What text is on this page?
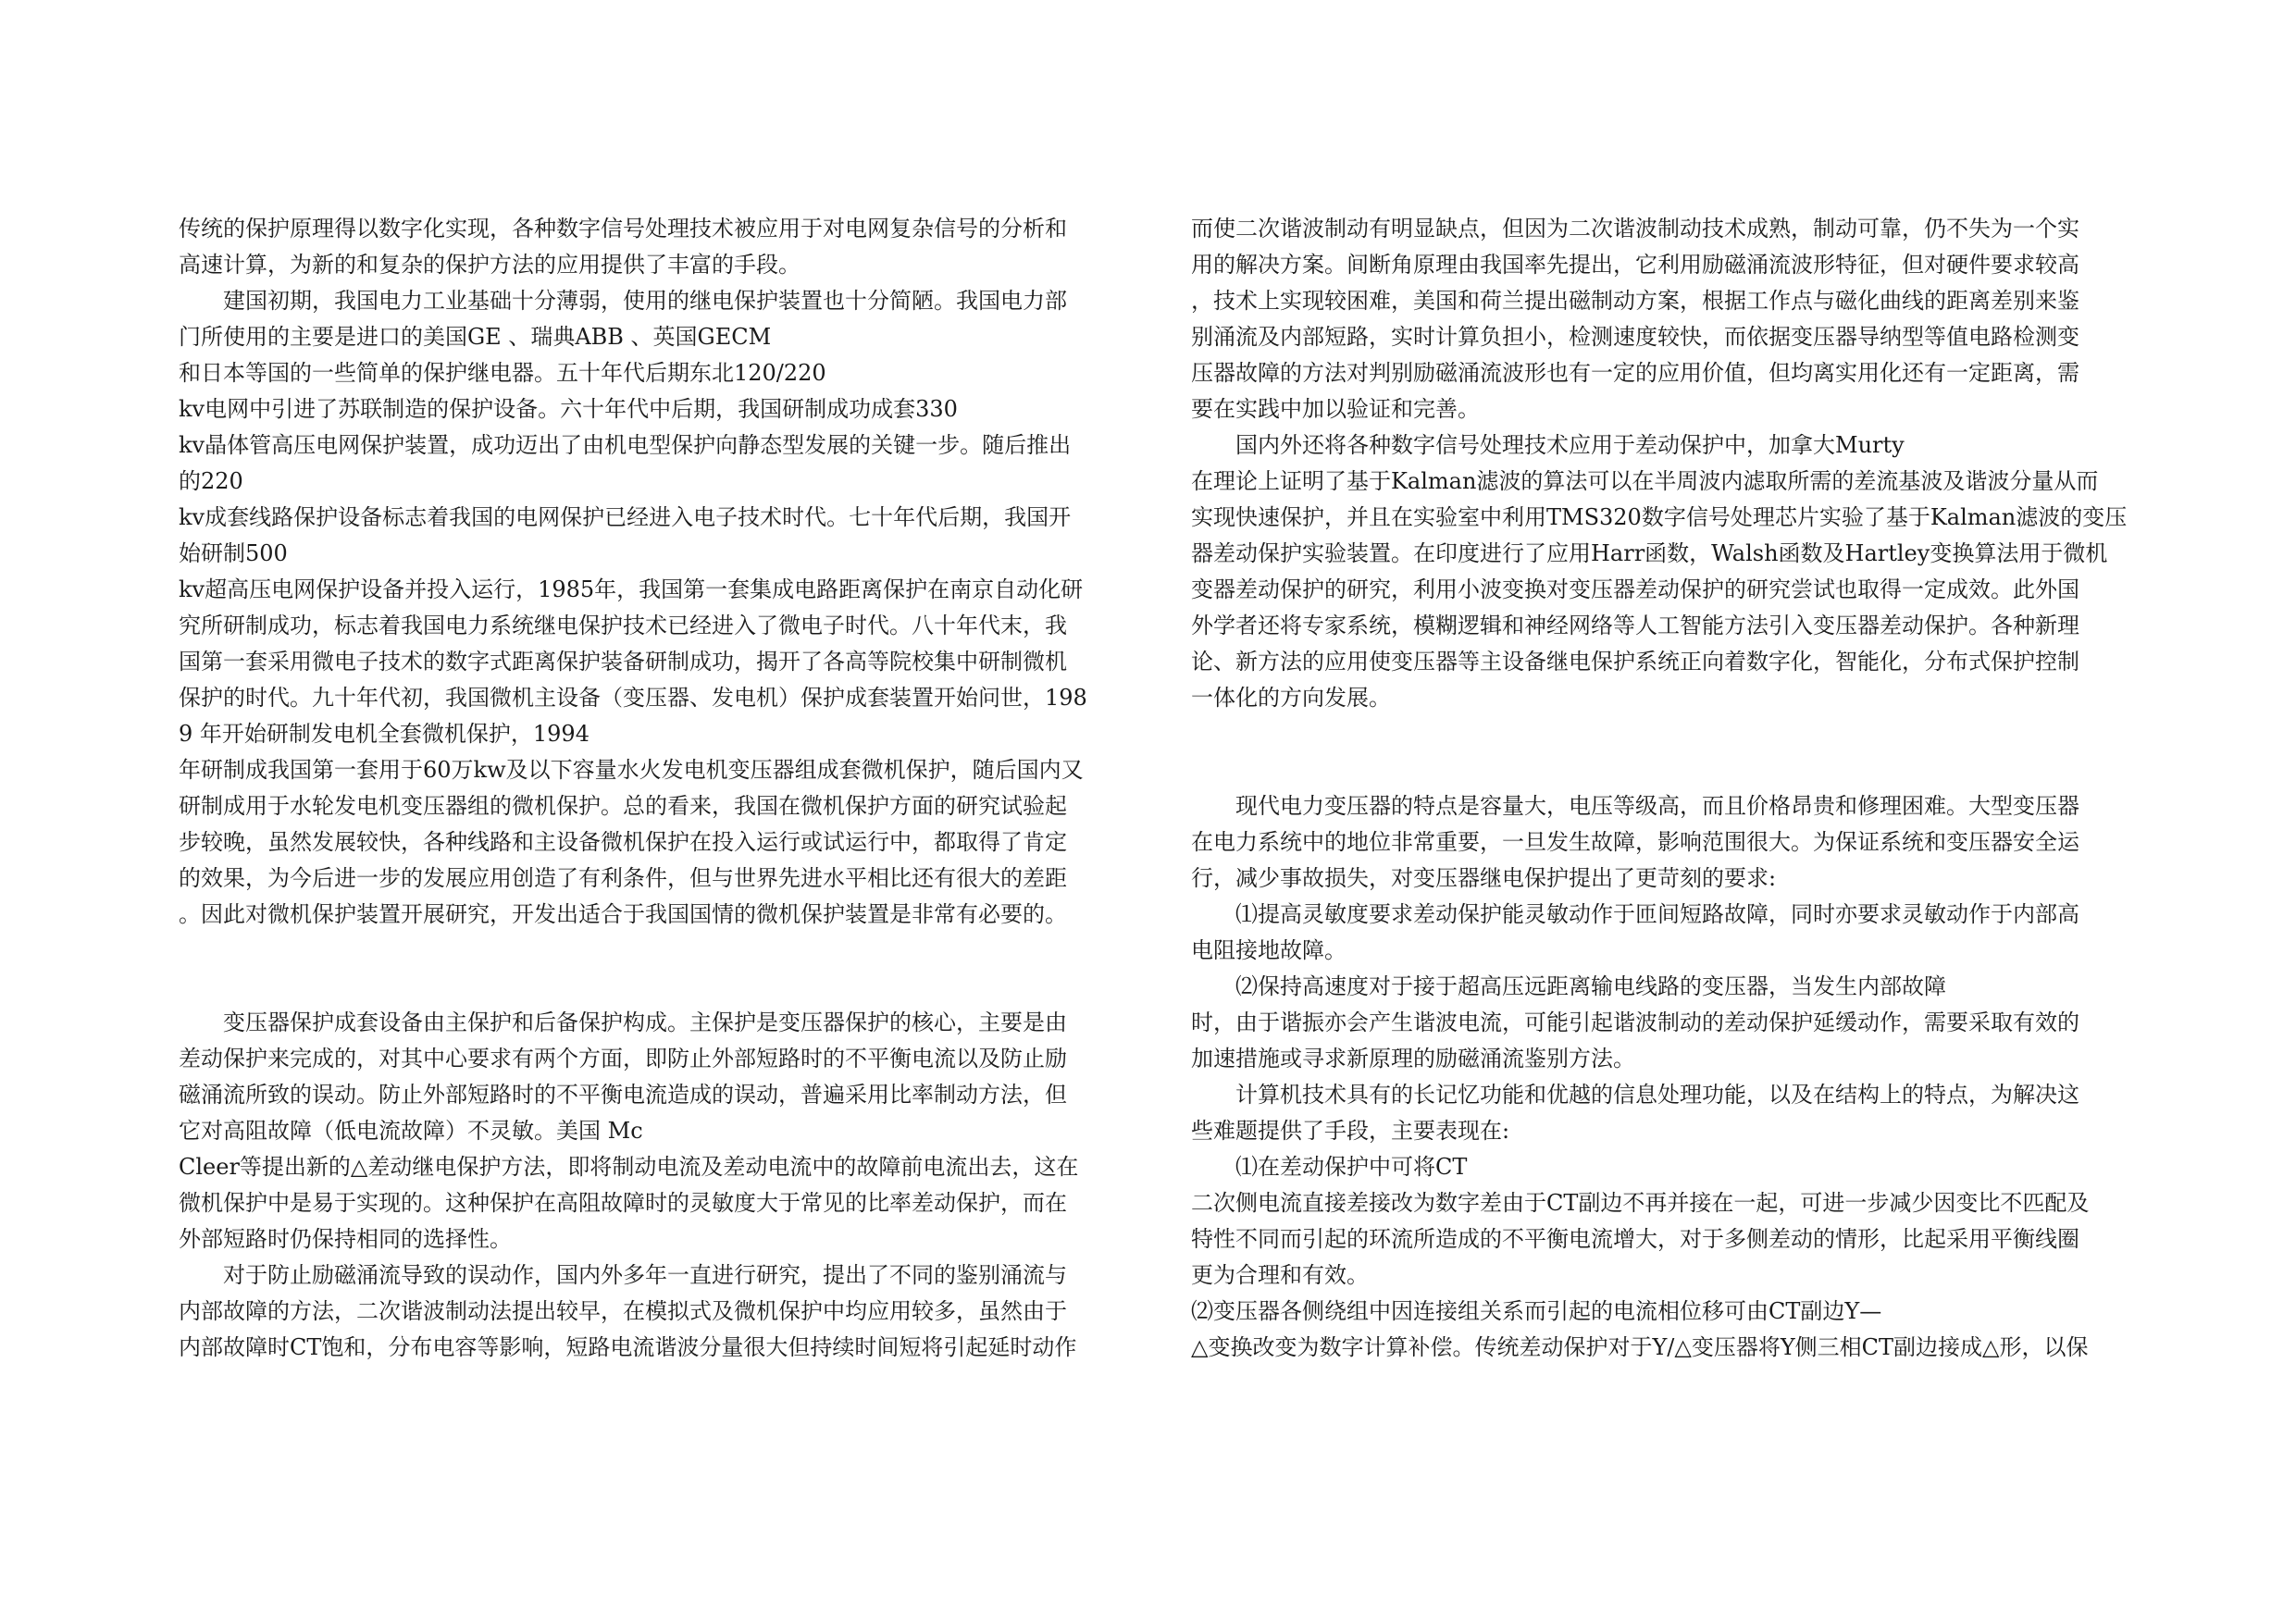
传统的保护原理得以数字化实现，各种数字信号处理技术被应用于对电网复杂信号的分析和
高速计算，为新的和复杂的保护方法的应用提供了丰富的手段。
建国初期，我国电力工业基础十分薄弱，使用的继电保护装置也十分简陋。我国电力部
门所使用的主要是进口的美国GE 、瑞典ABB 、英国GECM
和日本等国的一些简单的保护继电器。五十年代后期东北120/220
kv电网中引进了苏联制造的保护设备。六十年代中后期，我国研制成功成套330
kv晶体管高压电网保护装置，成功迈出了由机电型保护向静态型发展的关键一步。随后推出
的220
kv成套线路保护设备标志着我国的电网保护已经进入电子技术时代。七十年代后期，我国开
始研制500
kv超高压电网保护设备并投入运行，1985年，我国第一套集成电路距离保护在南京自动化研
究所研制成功，标志着我国电力系统继电保护技术已经进入了微电子时代。八十年代末，我
国第一套采用微电子技术的数字式距离保护装备研制成功，揭开了各高等院校集中研制微机
保护的时代。九十年代初，我国微机主设备（变压器、发电机）保护成套装置开始问世，198
9 年开始研制发电机全套微机保护，1994
年研制成我国第一套用于60万kw及以下容量水火发电机变压器组成套微机保护，随后国内又
研制成用于水轮发电机变压器组的微机保护。总的看来，我国在微机保护方面的研究试验起
步较晚，虽然发展较快，各种线路和主设备微机保护在投入运行或试运行中，都取得了肯定
的效果，为今后进一步的发展应用创造了有利条件，但与世界先进水平相比还有很大的差距
。因此对微机保护装置开展研究，开发出适合于我国国情的微机保护装置是非常有必要的。
变压器保护成套设备由主保护和后备保护构成。主保护是变压器保护的核心，主要是由
差动保护来完成的，对其中心要求有两个方面，即防止外部短路时的不平衡电流以及防止励
磁涌流所致的误动。防止外部短路时的不平衡电流造成的误动，普遍采用比率制动方法，但
它对高阻故障（低电流故障）不灵敏。美国 Mc
Cleer等提出新的△差动继电保护方法，即将制动电流及差动电流中的故障前电流出去，这在
微机保护中是易于实现的。这种保护在高阻故障时的灵敏度大于常见的比率差动保护，而在
外部短路时仍保持相同的选择性。
对于防止励磁涌流导致的误动作，国内外多年一直进行研究，提出了不同的鉴别涌流与
内部故障的方法，二次谐波制动法提出较早，在模拟式及微机保护中均应用较多，虽然由于
内部故障时CT饱和，分布电容等影响，短路电流谐波分量很大但持续时间短将引起延时动作
而使二次谐波制动有明显缺点，但因为二次谐波制动技术成熟，制动可靠，仍不失为一个实
用的解决方案。间断角原理由我国率先提出，它利用励磁涌流波形特征，但对硬件要求较高
，技术上实现较困难，美国和荷兰提出磁制动方案，根据工作点与磁化曲线的距离差别来鉴
别涌流及内部短路，实时计算负担小，检测速度较快，而依据变压器导纳型等值电路检测变
压器故障的方法对判别励磁涌流波形也有一定的应用价值，但均离实用化还有一定距离，需
要在实践中加以验证和完善。
国内外还将各种数字信号处理技术应用于差动保护中，加拿大Murty
在理论上证明了基于Kalman滤波的算法可以在半周波内滤取所需的差流基波及谐波分量从而
实现快速保护，并且在实验室中利用TMS320数字信号处理芯片实验了基于Kalman滤波的变压
器差动保护实验装置。在印度进行了应用Harr函数，Walsh函数及Hartley变换算法用于微机
变器差动保护的研究，利用小波变换对变压器差动保护的研究尝试也取得一定成效。此外国
外学者还将专家系统，模糊逻辑和神经网络等人工智能方法引入变压器差动保护。各种新理
论、新方法的应用使变压器等主设备继电保护系统正向着数字化，智能化，分布式保护控制
一体化的方向发展。
现代电力变压器的特点是容量大，电压等级高，而且价格昂贵和修理困难。大型变压器
在电力系统中的地位非常重要，一旦发生故障，影响范围很大。为保证系统和变压器安全运
行，减少事故损失，对变压器继电保护提出了更苛刻的要求:
⑴提高灵敏度要求差动保护能灵敏动作于匝间短路故障，同时亦要求灵敏动作于内部高
电阻接地故障。
⑵保持高速度对于接于超高压远距离输电线路的变压器，当发生内部故障
时，由于谐振亦会产生谐波电流，可能引起谐波制动的差动保护延缓动作，需要采取有效的
加速措施或寻求新原理的励磁涌流鉴别方法。
计算机技术具有的长记忆功能和优越的信息处理功能，以及在结构上的特点，为解决这
些难题提供了手段，主要表现在:
⑴在差动保护中可将CT
二次侧电流直接差接改为数字差由于CT副边不再并接在一起，可进一步减少因变比不匹配及
特性不同而引起的环流所造成的不平衡电流增大，对于多侧差动的情形，比起采用平衡线圈
更为合理和有效。
⑵变压器各侧绕组中因连接组关系而引起的电流相位移可由CT副边Y—
△变换改变为数字计算补偿。传统差动保护对于Y/△变压器将Y侧三相CT副边接成△形，以保
